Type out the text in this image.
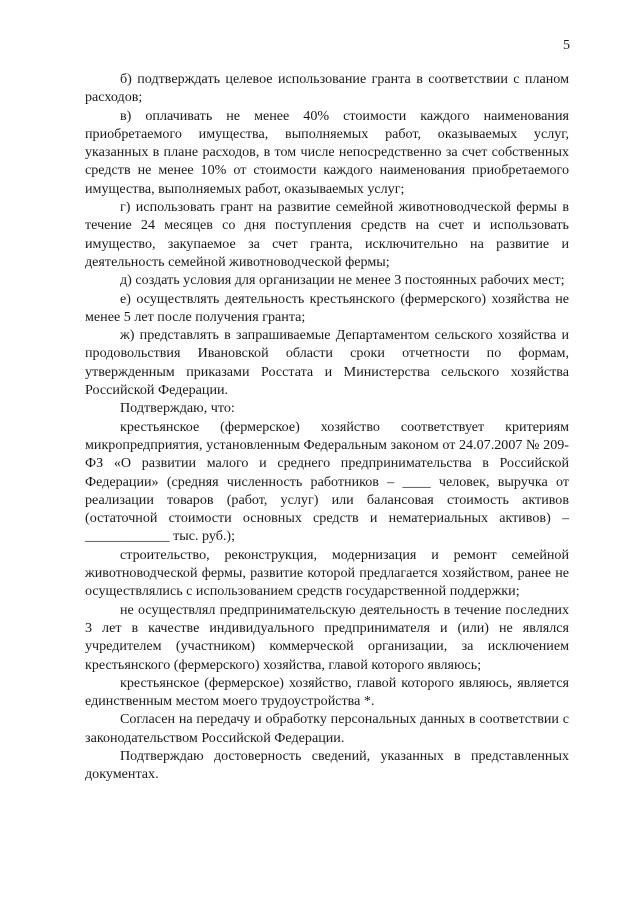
5

б) подтверждать целевое использование гранта в соответствии с планом расходов;

в) оплачивать не менее 40% стоимости каждого наименования приобретаемого имущества, выполняемых работ, оказываемых услуг, указанных в плане расходов, в том числе непосредственно за счет собственных средств не менее 10% от стоимости каждого наименования приобретаемого имущества, выполняемых работ, оказываемых услуг;

г) использовать грант на развитие семейной животноводческой фермы в течение 24 месяцев со дня поступления средств на счет и использовать имущество, закупаемое за счет гранта, исключительно на развитие и деятельность семейной животноводческой фермы;

д) создать условия для организации не менее 3 постоянных рабочих мест;

е) осуществлять деятельность крестьянского (фермерского) хозяйства не менее 5 лет после получения гранта;

ж) представлять в запрашиваемые Департаментом сельского хозяйства и продовольствия Ивановской области сроки отчетности по формам, утвержденным приказами Росстата и Министерства сельского хозяйства Российской Федерации.

Подтверждаю, что:

крестьянское (фермерское) хозяйство соответствует критериям микропредприятия, установленным Федеральным законом от 24.07.2007 № 209-ФЗ «О развитии малого и среднего предпринимательства в Российской Федерации» (средняя численность работников – ____ человек, выручка от реализации товаров (работ, услуг) или балансовая стоимость активов (остаточной стоимости основных средств и нематериальных активов) – ____________ тыс. руб.);

строительство, реконструкция, модернизация и ремонт семейной животноводческой фермы, развитие которой предлагается хозяйством, ранее не осуществлялись с использованием средств государственной поддержки;

не осуществлял предпринимательскую деятельность в течение последних 3 лет в качестве индивидуального предпринимателя и (или) не являлся учредителем (участником) коммерческой организации, за исключением крестьянского (фермерского) хозяйства, главой которого являюсь;

крестьянское (фермерское) хозяйство, главой которого являюсь, является единственным местом моего трудоустройства *.

Согласен на передачу и обработку персональных данных в соответствии с законодательством Российской Федерации.

Подтверждаю достоверность сведений, указанных в представленных документах.
